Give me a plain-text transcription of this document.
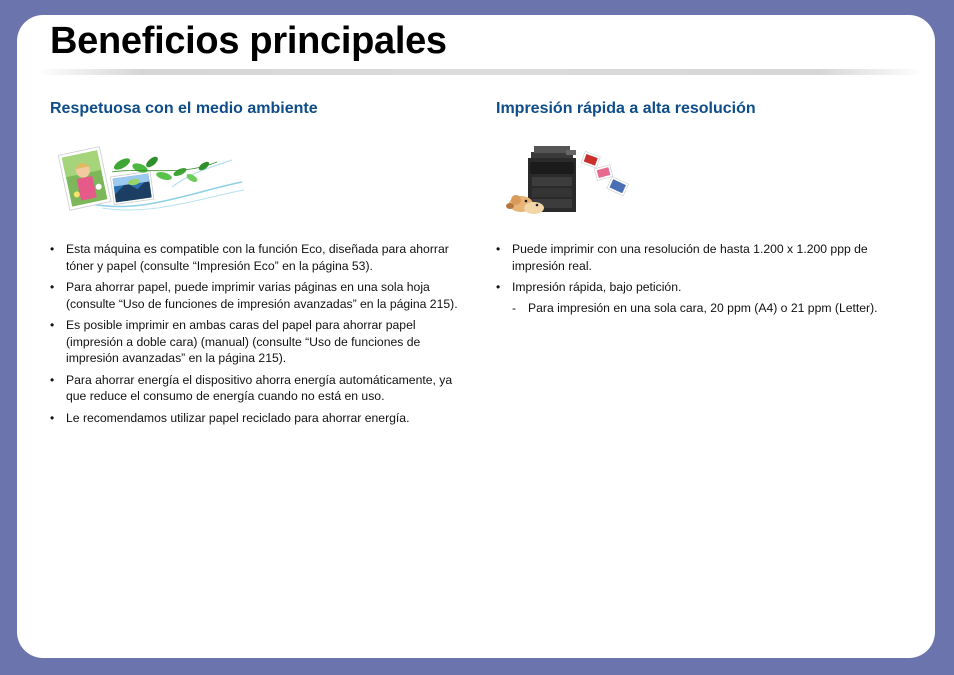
Beneficios principales
Respetuosa con el medio ambiente
• Esta máquina es compatible con la función Eco, diseñada para ahorrar tóner y papel (consulte “Impresión Eco” en la página 53).
• Para ahorrar papel, puede imprimir varias páginas en una sola hoja (consulte “Uso de funciones de impresión avanzadas” en la página 215).
• Es posible imprimir en ambas caras del papel para ahorrar papel (impresión a doble cara) (manual) (consulte “Uso de funciones de impresión avanzadas” en la página 215).
• Para ahorrar energía el dispositivo ahorra energía automáticamente, ya que reduce el consumo de energía cuando no está en uso.
• Le recomendamos utilizar papel reciclado para ahorrar energía.
Impresión rápida a alta resolución
• Puede imprimir con una resolución de hasta 1.200 x 1.200 ppp de impresión real.
• Impresión rápida, bajo petición.
- Para impresión en una sola cara, 20 ppm (A4) o 21 ppm (Letter).
